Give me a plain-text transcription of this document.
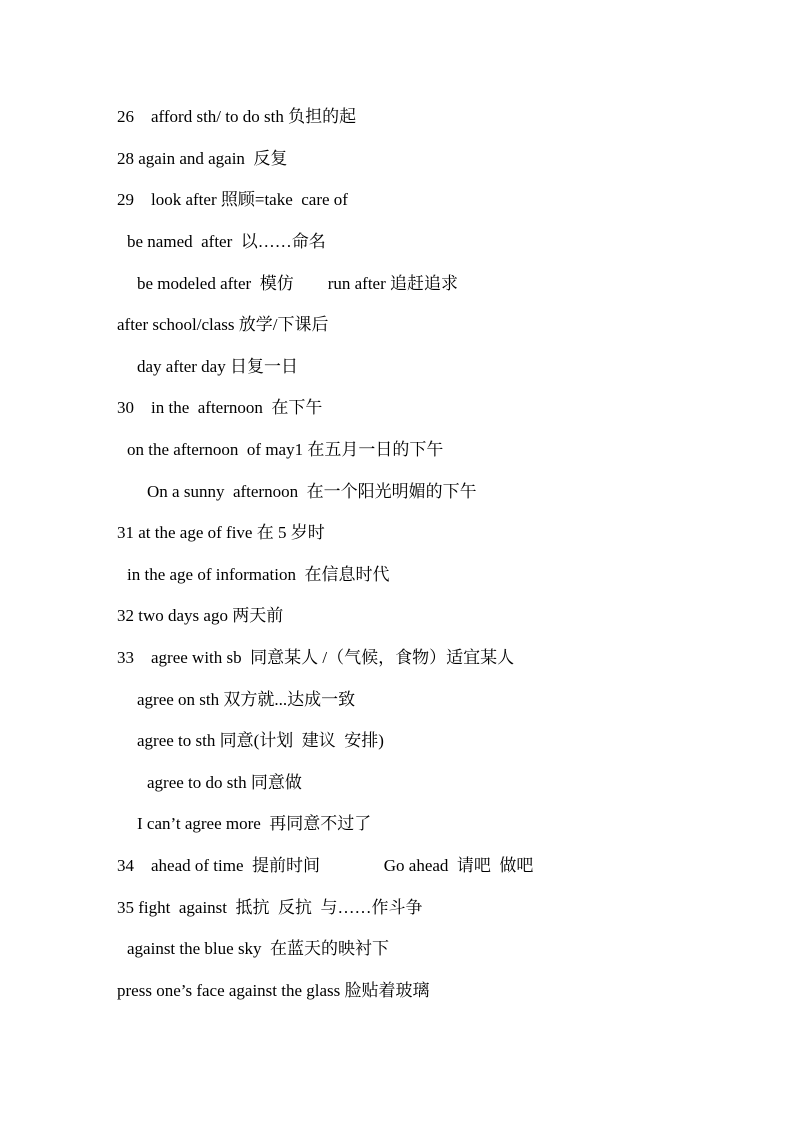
26    afford sth/ to do sth 负担的起
28 again and again  反复
29    look after 照顾=take  care of
be named  after  以……命名
be modeled after  模仿        run after 追赶追求
after school/class 放学/下课后
day after day 日复一日
30    in the  afternoon  在下午
on the afternoon  of may1 在五月一日的下午
On a sunny  afternoon  在一个阳光明媚的下午
31 at the age of five 在 5 岁时
in the age of information  在信息时代
32 two days ago 两天前
33    agree with sb  同意某人 /（气候，食物）适宜某人
agree on sth 双方就...达成一致
agree to sth 同意(计划  建议  安排)
agree to do sth 同意做
I can’t agree more  再同意不过了
34    ahead of time  提前时间               Go ahead  请吧  做吧
35 fight  against  抵抗  反抗  与……作斗争
against the blue sky  在蓝天的映衬下
press one’s face against the glass 脸贴着玻璃
